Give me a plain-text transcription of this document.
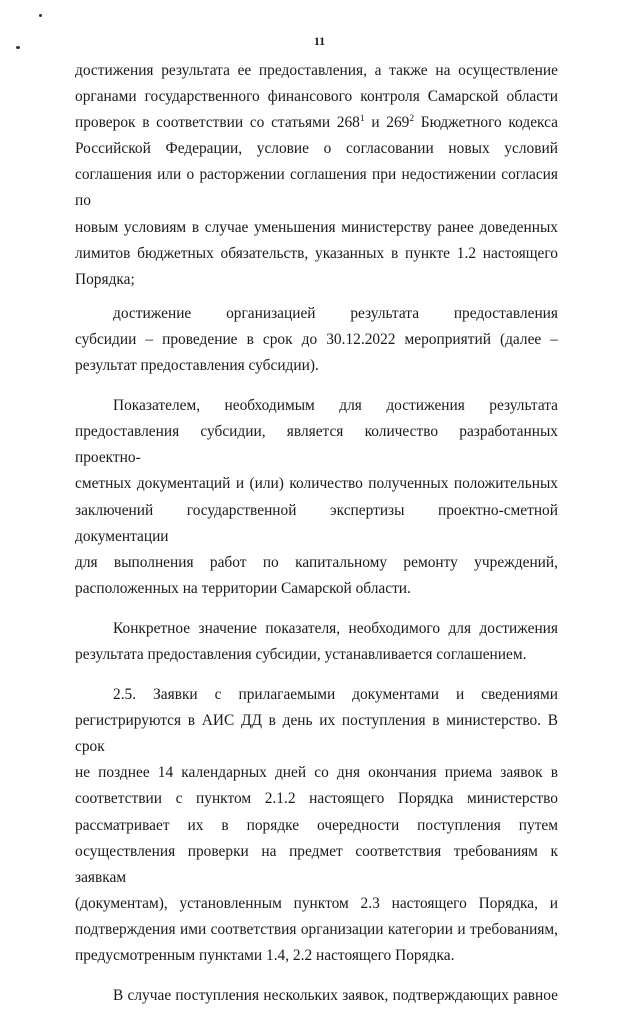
11

достижения результата ее предоставления, а также на осуществление

органами государственного финансового контроля Самарской области

проверок в соответствии со статьями $268^1$ и $269^2$ Бюджетного кодекса

Российской Федерации, условие о согласовании новых условий

соглашения или о расторжении соглашения при недостижении согласия по

новым условиям в случае уменьшения министерству ранее доведенных

лимитов бюджетных обязательств, указанных в пункте 1.2 настоящего

Порядка;

достижение организацией результата предоставления

субсидии – проведение в срок до 30.12.2022 мероприятий (далее –

результат предоставления субсидии).

Показателем, необходимым для достижения результата

предоставления субсидии, является количество разработанных проектно-

сметных документаций и (или) количество полученных положительных

заключений государственной экспертизы проектно-сметной документации

для выполнения работ по капитальному ремонту учреждений,

расположенных на территории Самарской области.

Конкретное значение показателя, необходимого для достижения

результата предоставления субсидии, устанавливается соглашением.

2.5. Заявки с прилагаемыми документами и сведениями

регистрируются в АИС ДД в день их поступления в министерство. В срок

не позднее 14 календарных дней со дня окончания приема заявок в

соответствии с пунктом 2.1.2 настоящего Порядка министерство

рассматривает их в порядке очередности поступления путем

осуществления проверки на предмет соответствия требованиям к заявкам

(документам), установленным пунктом 2.3 настоящего Порядка, и

подтверждения ими соответствия организации категории и требованиям,

предусмотренным пунктами 1.4, 2.2 настоящего Порядка.

В случае поступления нескольких заявок, подтверждающих равное
